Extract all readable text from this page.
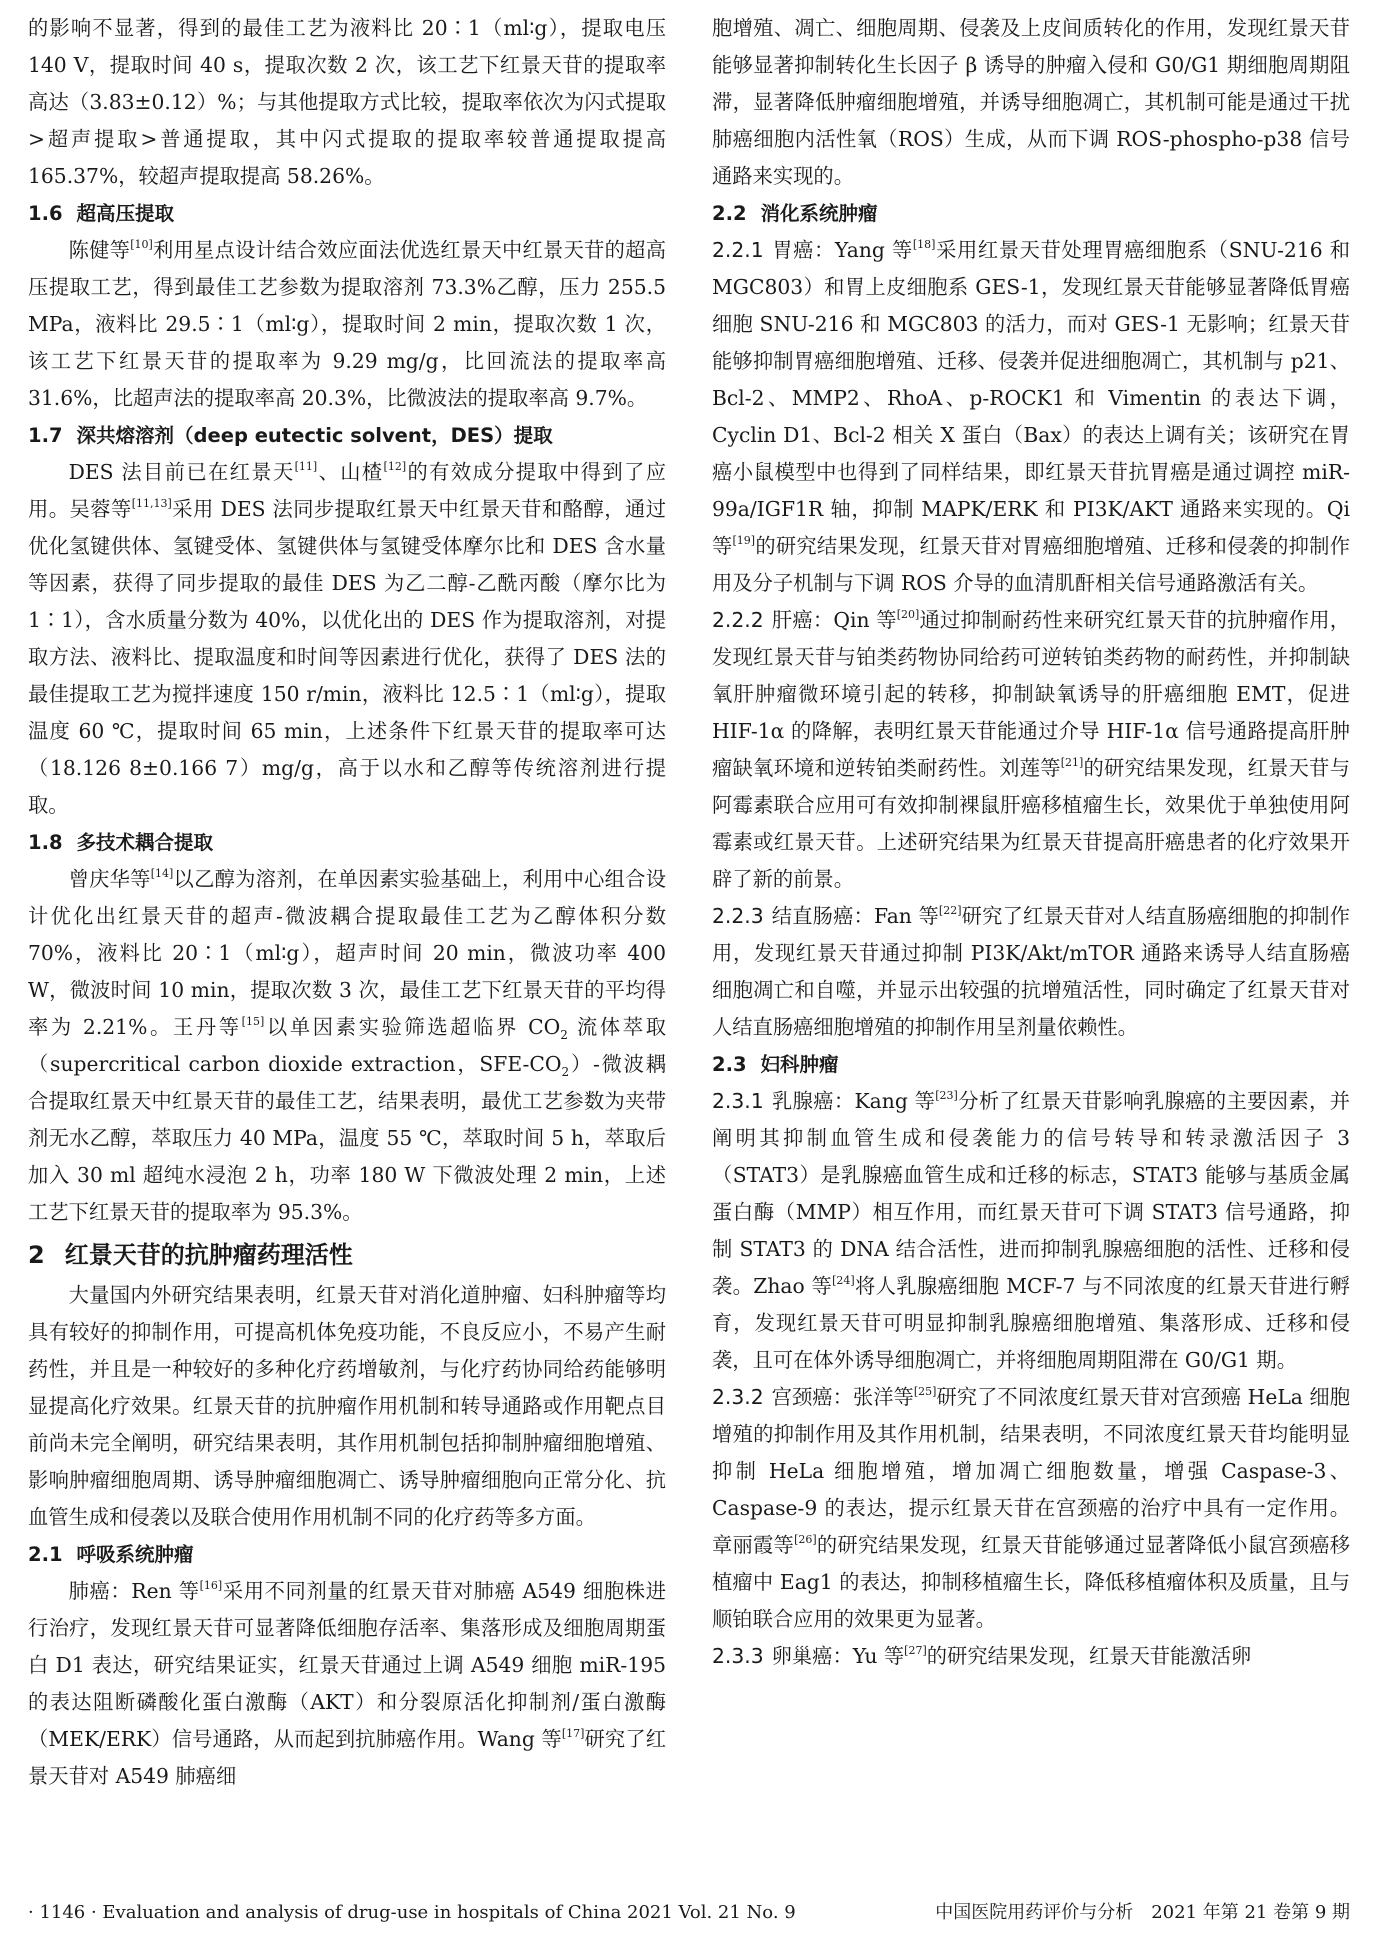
的影响不显著，得到的最佳工艺为液料比 20∶1（ml∶g），提取电压 140 V，提取时间 40 s，提取次数 2 次，该工艺下红景天苷的提取率高达（3.83±0.12）%；与其他提取方式比较，提取率依次为闪式提取>超声提取>普通提取，其中闪式提取的提取率较普通提取提高 165.37%，较超声提取提高 58.26%。

1.6 超高压提取

陈健等[10]利用星点设计结合效应面法优选红景天中红景天苷的超高压提取工艺，得到最佳工艺参数为提取溶剂 73.3%乙醇，压力 255.5 MPa，液料比 29.5∶1（ml∶g），提取时间 2 min，提取次数 1 次，该工艺下红景天苷的提取率为 9.29 mg/g，比回流法的提取率高 31.6%，比超声法的提取率高 20.3%，比微波法的提取率高 9.7%。

1.7 深共熔溶剂（deep eutectic solvent，DES）提取

DES 法目前已在红景天[11]、山楂[12]的有效成分提取中得到了应用。吴蓉等[11,13]采用 DES 法同步提取红景天中红景天苷和酪醇，通过优化氢键供体、氢键受体、氢键供体与氢键受体摩尔比和 DES 含水量等因素，获得了同步提取的最佳 DES 为乙二醇-乙酰丙酸（摩尔比为 1∶1），含水质量分数为 40%，以优化出的 DES 作为提取溶剂，对提取方法、液料比、提取温度和时间等因素进行优化，获得了 DES 法的最佳提取工艺为搅拌速度 150 r/min，液料比 12.5∶1（ml∶g），提取温度 60 ℃，提取时间 65 min，上述条件下红景天苷的提取率可达（18.126 8±0.166 7）mg/g，高于以水和乙醇等传统溶剂进行提取。

1.8 多技术耦合提取

曾庆华等[14]以乙醇为溶剂，在单因素实验基础上，利用中心组合设计优化出红景天苷的超声-微波耦合提取最佳工艺为乙醇体积分数 70%，液料比 20∶1（ml∶g），超声时间 20 min，微波功率 400 W，微波时间 10 min，提取次数 3 次，最佳工艺下红景天苷的平均得率为 2.21%。王丹等[15]以单因素实验筛选超临界 $CO_2$ 流体萃取（supercritical carbon dioxide extraction，SFE-$CO_2)-$微波耦合提取红景天中红景天苷的最佳工艺，结果表明，最优工艺参数为夹带剂无水乙醇，萃取压力 40 MPa，温度 55 ℃，萃取时间 5 h，萃取后加入 30 ml 超纯水浸泡 2 h，功率 180 W 下微波处理 2 min，上述工艺下红景天苷的提取率为 95.3%。

2 红景天苷的抗肿瘤药理活性

大量国内外研究结果表明，红景天苷对消化道肿瘤、妇科肿瘤等均具有较好的抑制作用，可提高机体免疫功能，不良反应小，不易产生耐药性，并且是一种较好的多种化疗药增敏剂，与化疗药协同给药能够明显提高化疗效果。红景天苷的抗肿瘤作用机制和转导通路或作用靶点目前尚未完全阐明，研究结果表明，其作用机制包括抑制肿瘤细胞增殖、影响肿瘤细胞周期、诱导肿瘤细胞凋亡、诱导肿瘤细胞向正常分化、抗血管生成和侵袭以及联合使用作用机制不同的化疗药等多方面。

2.1 呼吸系统肿瘤

肺癌：Ren 等[16]采用不同剂量的红景天苷对肺癌 A549 细胞株进行治疗，发现红景天苷可显著降低细胞存活率、集落形成及细胞周期蛋白 D1 表达，研究结果证实，红景天苷通过上调 A549 细胞 miR-195 的表达阻断磷酸化蛋白激酶（AKT）和分裂原活化抑制剂/蛋白激酶（MEK/ERK）信号通路，从而起到抗肺癌作用。Wang 等[17]研究了红景天苷对 A549 肺癌细

胞增殖、凋亡、细胞周期、侵袭及上皮间质转化的作用，发现红景天苷能够显著抑制转化生长因子 β 诱导的肿瘤入侵和 G0/G1 期细胞周期阻滞，显著降低肿瘤细胞增殖，并诱导细胞凋亡，其机制可能是通过干扰肺癌细胞内活性氧（ROS）生成，从而下调 ROS-phospho-p38 信号通路来实现的。

2.2 消化系统肿瘤

2.2.1 胃癌：Yang 等[18]采用红景天苷处理胃癌细胞系（SNU-216 和 MGC803）和胃上皮细胞系 GES-1，发现红景天苷能够显著降低胃癌细胞 SNU-216 和 MGC803 的活力，而对 GES-1 无影响；红景天苷能够抑制胃癌细胞增殖、迁移、侵袭并促进细胞凋亡，其机制与 p21、Bcl-2、MMP2、RhoA、p-ROCK1 和 Vimentin 的表达下调，Cyclin D1、Bcl-2 相关 X 蛋白（Bax）的表达上调有关；该研究在胃癌小鼠模型中也得到了同样结果，即红景天苷抗胃癌是通过调控 miR-99a/IGF1R 轴，抑制 MAPK/ERK 和 PI3K/AKT 通路来实现的。Qi 等[19]的研究结果发现，红景天苷对胃癌细胞增殖、迁移和侵袭的抑制作用及分子机制与下调 ROS 介导的血清肌酐相关信号通路激活有关。

2.2.2 肝癌：Qin 等[20]通过抑制耐药性来研究红景天苷的抗肿瘤作用，发现红景天苷与铂类药物协同给药可逆转铂类药物的耐药性，并抑制缺氧肝肿瘤微环境引起的转移，抑制缺氧诱导的肝癌细胞 EMT，促进 HIF-1α 的降解，表明红景天苷能通过介导 HIF-1α 信号通路提高肝肿瘤缺氧环境和逆转铂类耐药性。刘莲等[21]的研究结果发现，红景天苷与阿霉素联合应用可有效抑制裸鼠肝癌移植瘤生长，效果优于单独使用阿霉素或红景天苷。上述研究结果为红景天苷提高肝癌患者的化疗效果开辟了新的前景。

2.2.3 结直肠癌：Fan 等[22]研究了红景天苷对人结直肠癌细胞的抑制作用，发现红景天苷通过抑制 PI3K/Akt/mTOR 通路来诱导人结直肠癌细胞凋亡和自噬，并显示出较强的抗增殖活性，同时确定了红景天苷对人结直肠癌细胞增殖的抑制作用呈剂量依赖性。

2.3 妇科肿瘤

2.3.1 乳腺癌：Kang 等[23]分析了红景天苷影响乳腺癌的主要因素，并阐明其抑制血管生成和侵袭能力的信号转导和转录激活因子 3（STAT3）是乳腺癌血管生成和迁移的标志，STAT3 能够与基质金属蛋白酶（MMP）相互作用，而红景天苷可下调 STAT3 信号通路，抑制 STAT3 的 DNA 结合活性，进而抑制乳腺癌细胞的活性、迁移和侵袭。Zhao 等[24]将人乳腺癌细胞 MCF-7 与不同浓度的红景天苷进行孵育，发现红景天苷可明显抑制乳腺癌细胞增殖、集落形成、迁移和侵袭，且可在体外诱导细胞凋亡，并将细胞周期阻滞在 G0/G1 期。

2.3.2 宫颈癌：张洋等[25]研究了不同浓度红景天苷对宫颈癌 HeLa 细胞增殖的抑制作用及其作用机制，结果表明，不同浓度红景天苷均能明显抑制 HeLa 细胞增殖，增加凋亡细胞数量，增强 Caspase-3、Caspase-9 的表达，提示红景天苷在宫颈癌的治疗中具有一定作用。章丽霞等[26]的研究结果发现，红景天苷能够通过显著降低小鼠宫颈癌移植瘤中 Eag1 的表达，抑制移植瘤生长，降低移植瘤体积及质量，且与顺铂联合应用的效果更为显著。

2.3.3 卵巢癌：Yu 等[27]的研究结果发现，红景天苷能激活卵

· 1146 · Evaluation and analysis of drug-use in hospitals of China 2021 Vol. 21 No. 9	中国医院用药评价与分析　2021 年第 21 卷第 9 期
